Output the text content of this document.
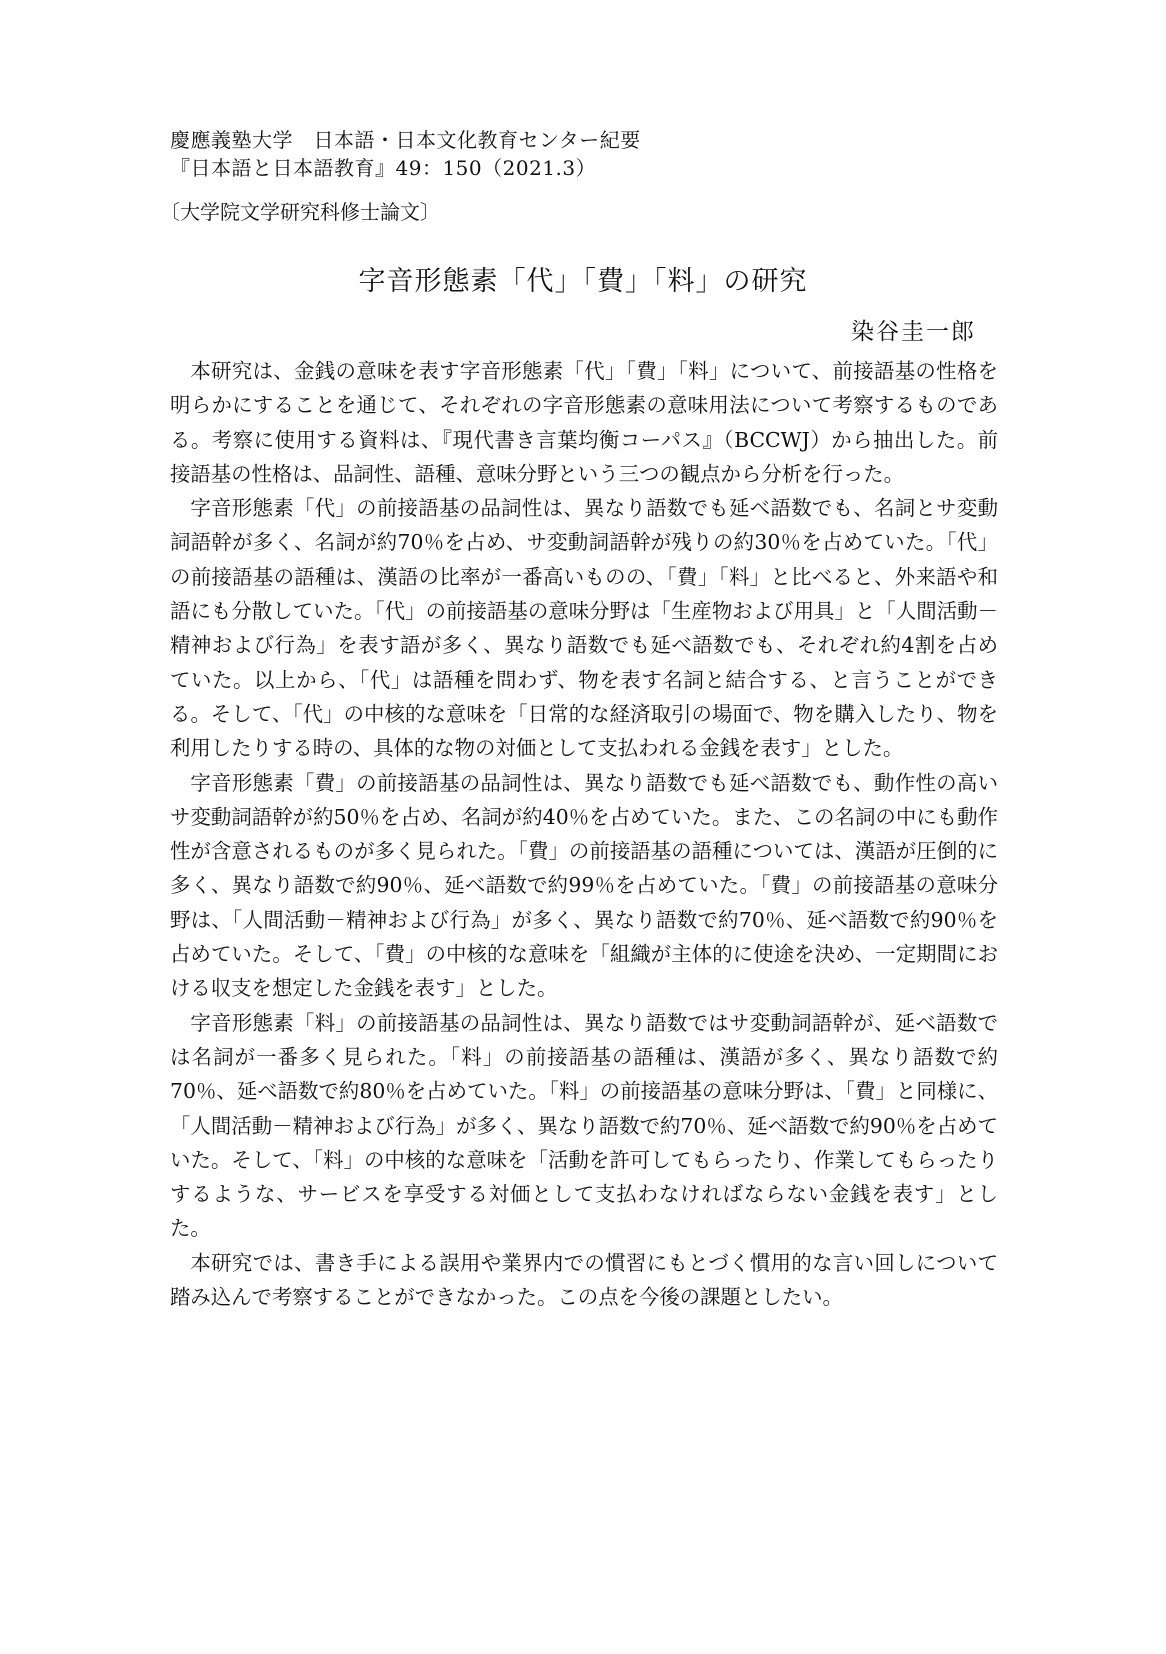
慶應義塾大学　日本語・日本文化教育センター紀要
『日本語と日本語教育』49：150（2021.3）
〔大学院文学研究科修士論文〕
字音形態素「代」「費」「料」の研究
染谷圭一郎

本研究は、金銭の意味を表す字音形態素「代」「費」「料」について、前接語基の性格を明らかにすることを通じて、それぞれの字音形態素の意味用法について考察するものである。考察に使用する資料は、『現代書き言葉均衡コーパス』（BCCWJ）から抽出した。前接語基の性格は、品詞性、語種、意味分野という三つの観点から分析を行った。

字音形態素「代」の前接語基の品詞性は、異なり語数でも延べ語数でも、名詞とサ変動詞語幹が多く、名詞が約70％を占め、サ変動詞語幹が残りの約30％を占めていた。「代」の前接語基の語種は、漢語の比率が一番高いものの、「費」「料」と比べると、外来語や和語にも分散していた。「代」の前接語基の意味分野は「生産物および用具」と「人間活動－精神および行為」を表す語が多く、異なり語数でも延べ語数でも、それぞれ約4割を占めていた。以上から、「代」は語種を問わず、物を表す名詞と結合する、と言うことができる。そして、「代」の中核的な意味を「日常的な経済取引の場面で、物を購入したり、物を利用したりする時の、具体的な物の対価として支払われる金銭を表す」とした。

字音形態素「費」の前接語基の品詞性は、異なり語数でも延べ語数でも、動作性の高いサ変動詞語幹が約50％を占め、名詞が約40％を占めていた。また、この名詞の中にも動作性が含意されるものが多く見られた。「費」の前接語基の語種については、漢語が圧倒的に多く、異なり語数で約90％、延べ語数で約99％を占めていた。「費」の前接語基の意味分野は、「人間活動－精神および行為」が多く、異なり語数で約70％、延べ語数で約90％を占めていた。そして、「費」の中核的な意味を「組織が主体的に使途を決め、一定期間における収支を想定した金銭を表す」とした。

字音形態素「料」の前接語基の品詞性は、異なり語数ではサ変動詞語幹が、延べ語数では名詞が一番多く見られた。「料」の前接語基の語種は、漢語が多く、異なり語数で約70％、延べ語数で約80％を占めていた。「料」の前接語基の意味分野は、「費」と同様に、「人間活動－精神および行為」が多く、異なり語数で約70％、延べ語数で約90％を占めていた。そして、「料」の中核的な意味を「活動を許可してもらったり、作業してもらったりするような、サービスを享受する対価として支払わなければならない金銭を表す」とした。

本研究では、書き手による誤用や業界内での慣習にもとづく慣用的な言い回しについて踏み込んで考察することができなかった。この点を今後の課題としたい。
